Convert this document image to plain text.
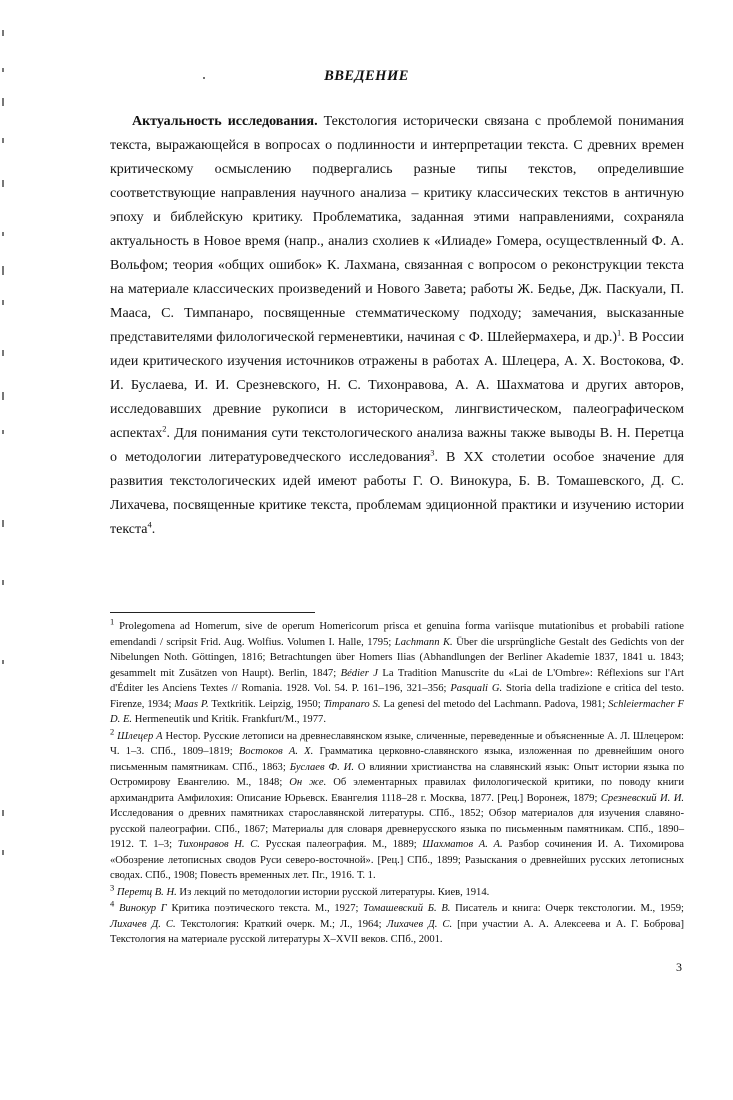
ВВЕДЕНИЕ

Актуальность исследования. Текстология исторически связана с проблемой понимания текста, выражающейся в вопросах о подлинности и интерпретации текста. С древних времен критическому осмыслению подвергались разные типы текстов, определившие соответствующие направления научного анализа – критику классических текстов в античную эпоху и библейскую критику. Проблематика, заданная этими направлениями, сохраняла актуальность в Новое время (напр., анализ схолиев к «Илиаде» Гомера, осуществленный Ф. А. Вольфом; теория «общих ошибок» К. Лахмана, связанная с вопросом о реконструкции текста на материале классических произведений и Нового Завета; работы Ж. Бедье, Дж. Паскуали, П. Мааса, С. Тимпанаро, посвященные стемматическому подходу; замечания, высказанные представителями филологической герменевтики, начиная с Ф. Шлейермахера, и др.)$^1$. В России идеи критического изучения источников отражены в работах А. Шлецера, А. Х. Востокова, Ф. И. Буслаева, И. И. Срезневского, Н. С. Тихонравова, А. А. Шахматова и других авторов, исследовавших древние рукописи в историческом, лингвистическом, палеографическом аспектах$^2$. Для понимания сути текстологического анализа важны также выводы В. Н. Перетца о методологии литературоведческого исследования$^3$. В XX столетии особое значение для развития текстологических идей имеют работы Г. О. Винокура, Б. В. Томашевского, Д. С. Лихачева, посвященные критике текста, проблемам эдиционной практики и изучению истории текста$^4$.

$^1$ Prolegomena ad Homerum, sive de operum Homericorum prisca et genuina forma variisque mutationibus et probabili ratione emendandi / scripsit Frid. Aug. Wolfius. Volumen I. Halle, 1795; Lachmann K. Über die ursprüngliche Gestalt des Gedichts von der Nibelungen Noth. Göttingen, 1816; Betrachtungen über Homers Ilias (Abhandlungen der Berliner Akademie 1837, 1841 u. 1843; gesammelt mit Zusätzen von Haupt). Berlin, 1847; Bédier J La Tradition Manuscrite du «Lai de L'Ombre»: Réflexions sur l'Art d'Éditer les Anciens Textes // Romania. 1928. Vol. 54. P. 161–196, 321–356; Pasquali G. Storia della tradizione e critica del testo. Firenze, 1934; Maas P. Textkritik. Leipzig, 1950; Timpanaro S. La genesi del metodo del Lachmann. Padova, 1981; Schleiermacher F D. E. Hermeneutik und Kritik. Frankfurt/M., 1977.

$^2$ Шлецер А Нестор. Русские летописи на древнеславянском языке, сличенные, переведенные и объясненные А. Л. Шлецером: Ч. 1–3. СПб., 1809–1819; Востоков А. Х. Грамматика церковно-славянского языка, изложенная по древнейшим оного письменным памятникам. СПб., 1863; Буслаев Ф. И. О влиянии христианства на славянский язык: Опыт истории языка по Остромирову Евангелию. М., 1848; Он же. Об элементарных правилах филологической критики, по поводу книги архимандрита Амфилохия: Описание Юрьевск. Евангелия 1118–28 г. Москва, 1877. [Рец.] Воронеж, 1879; Срезневский И. И. Исследования о древних памятниках старославянской литературы. СПб., 1852; Обзор материалов для изучения славяно-русской палеографии. СПб., 1867; Материалы для словаря древнерусского языка по письменным памятникам. СПб., 1890–1912. Т. 1–3; Тихонравов Н. С. Русская палеография. М., 1889; Шахматов А. А. Разбор сочинения И. А. Тихомирова «Обозрение летописных сводов Руси северо-восточной». [Рец.] СПб., 1899; Разыскания о древнейших русских летописных сводах. СПб., 1908; Повесть временных лет. Пг., 1916. Т. 1.

$^3$ Перетц В. Н. Из лекций по методологии истории русской литературы. Киев, 1914.

$^4$ Винокур Г Критика поэтического текста. М., 1927; Томашевский Б. В. Писатель и книга: Очерк текстологии. М., 1959; Лихачев Д. С. Текстология: Краткий очерк. М.; Л., 1964; Лихачев Д. С. [при участии А. А. Алексеева и А. Г. Боброва] Текстология на материале русской литературы X–XVII веков. СПб., 2001.

3
